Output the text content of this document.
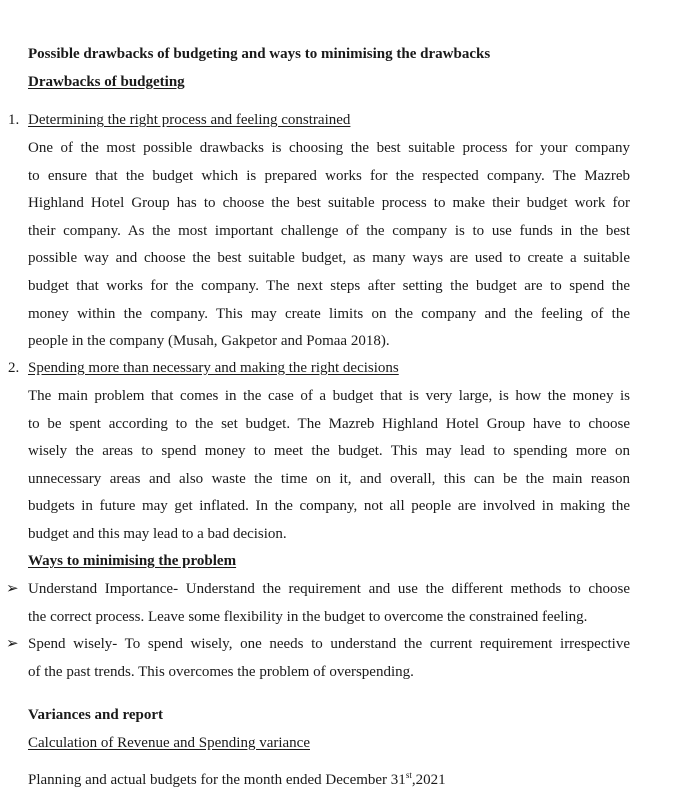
Possible drawbacks of budgeting and ways to minimising the drawbacks
Drawbacks of budgeting
1. Determining the right process and feeling constrained
One of the most possible drawbacks is choosing the best suitable process for your company
to ensure that the budget which is prepared works for the respected company. The Mazreb
Highland Hotel Group has to choose the best suitable process to make their budget work for
their company. As the most important challenge of the company is to use funds in the best
possible way and choose the best suitable budget, as many ways are used to create a suitable
budget that works for the company. The next steps after setting the budget are to spend the
money within the company. This may create limits on the company and the feeling of the
people in the company (Musah, Gakpetor and Pomaa 2018).
2. Spending more than necessary and making the right decisions
The main problem that comes in the case of a budget that is very large, is how the money is
to be spent according to the set budget. The Mazreb Highland Hotel Group have to choose
wisely the areas to spend money to meet the budget. This may lead to spending more on
unnecessary areas and also waste the time on it, and overall, this can be the main reason
budgets in future may get inflated. In the company, not all people are involved in making the
budget and this may lead to a bad decision.
Ways to minimising the problem
➢ Understand Importance- Understand the requirement and use the different methods to choose
the correct process. Leave some flexibility in the budget to overcome the constrained feeling.
➢ Spend wisely- To spend wisely, one needs to understand the current requirement irrespective
of the past trends. This overcomes the problem of overspending.
Variances and report
Calculation of Revenue and Spending variance
Planning and actual budgets for the month ended December 31st,2021
